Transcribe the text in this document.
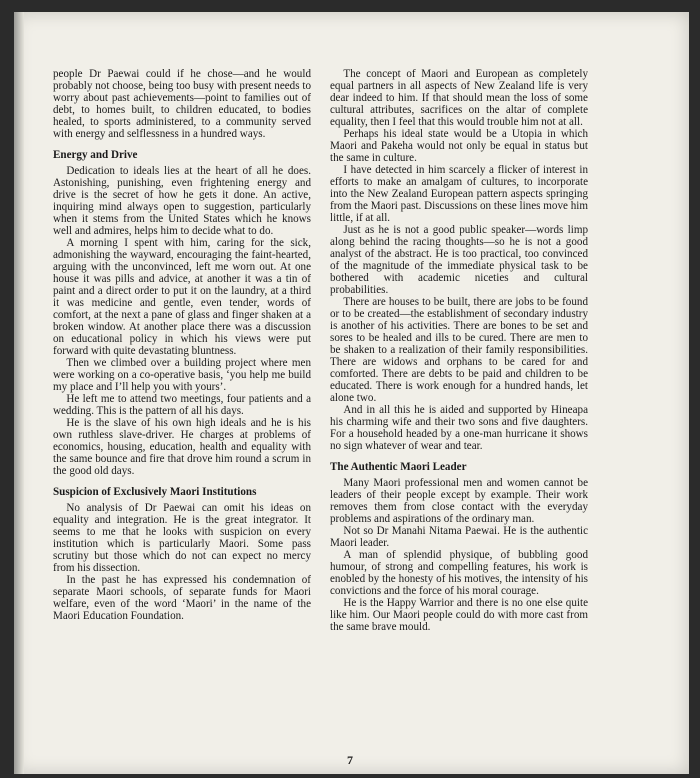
people Dr Paewai could if he chose—and he would probably not choose, being too busy with present needs to worry about past achievements—point to families out of debt, to homes built, to children educated, to bodies healed, to sports administered, to a community served with energy and selflessness in a hundred ways.

Energy and Drive

Dedication to ideals lies at the heart of all he does. Astonishing, punishing, even frightening energy and drive is the secret of how he gets it done. An active, inquiring mind always open to suggestion, particularly when it stems from the United States which he knows well and admires, helps him to decide what to do.

A morning I spent with him, caring for the sick, admonishing the wayward, encouraging the faint-hearted, arguing with the unconvinced, left me worn out. At one house it was pills and advice, at another it was a tin of paint and a direct order to put it on the laundry, at a third it was medicine and gentle, even tender, words of comfort, at the next a pane of glass and finger shaken at a broken window. At another place there was a discussion on educational policy in which his views were put forward with quite devastating bluntness.

Then we climbed over a building project where men were working on a co-operative basis, ‘you help me build my place and I’ll help you with yours’.

He left me to attend two meetings, four patients and a wedding. This is the pattern of all his days.

He is the slave of his own high ideals and he is his own ruthless slave-driver. He charges at problems of economics, housing, education, health and equality with the same bounce and fire that drove him round a scrum in the good old days.

Suspicion of Exclusively Maori Institutions

No analysis of Dr Paewai can omit his ideas on equality and integration. He is the great integrator. It seems to me that he looks with suspicion on every institution which is particularly Maori. Some pass scrutiny but those which do not can expect no mercy from his dissection.

In the past he has expressed his condemnation of separate Maori schools, of separate funds for Maori welfare, even of the word ‘Maori’ in the name of the Maori Education Foundation.

The concept of Maori and European as completely equal partners in all aspects of New Zealand life is very dear indeed to him. If that should mean the loss of some cultural attributes, sacrifices on the altar of complete equality, then I feel that this would trouble him not at all.

Perhaps his ideal state would be a Utopia in which Maori and Pakeha would not only be equal in status but the same in culture.

I have detected in him scarcely a flicker of interest in efforts to make an amalgam of cultures, to incorporate into the New Zealand European pattern aspects springing from the Maori past. Discussions on these lines move him little, if at all.

Just as he is not a good public speaker—words limp along behind the racing thoughts—so he is not a good analyst of the abstract. He is too practical, too convinced of the magnitude of the immediate physical task to be bothered with academic niceties and cultural probabilities.

There are houses to be built, there are jobs to be found or to be created—the establishment of secondary industry is another of his activities. There are bones to be set and sores to be healed and ills to be cured. There are men to be shaken to a realization of their family responsibilities. There are widows and orphans to be cared for and comforted. There are debts to be paid and children to be educated. There is work enough for a hundred hands, let alone two.

And in all this he is aided and supported by Hineapa his charming wife and their two sons and five daughters. For a household headed by a one-man hurricane it shows no sign whatever of wear and tear.

The Authentic Maori Leader

Many Maori professional men and women cannot be leaders of their people except by example. Their work removes them from close contact with the everyday problems and aspirations of the ordinary man.

Not so Dr Manahi Nitama Paewai. He is the authentic Maori leader.

A man of splendid physique, of bubbling good humour, of strong and compelling features, his work is enobled by the honesty of his motives, the intensity of his convictions and the force of his moral courage.

He is the Happy Warrior and there is no one else quite like him. Our Maori people could do with more cast from the same brave mould.

7
